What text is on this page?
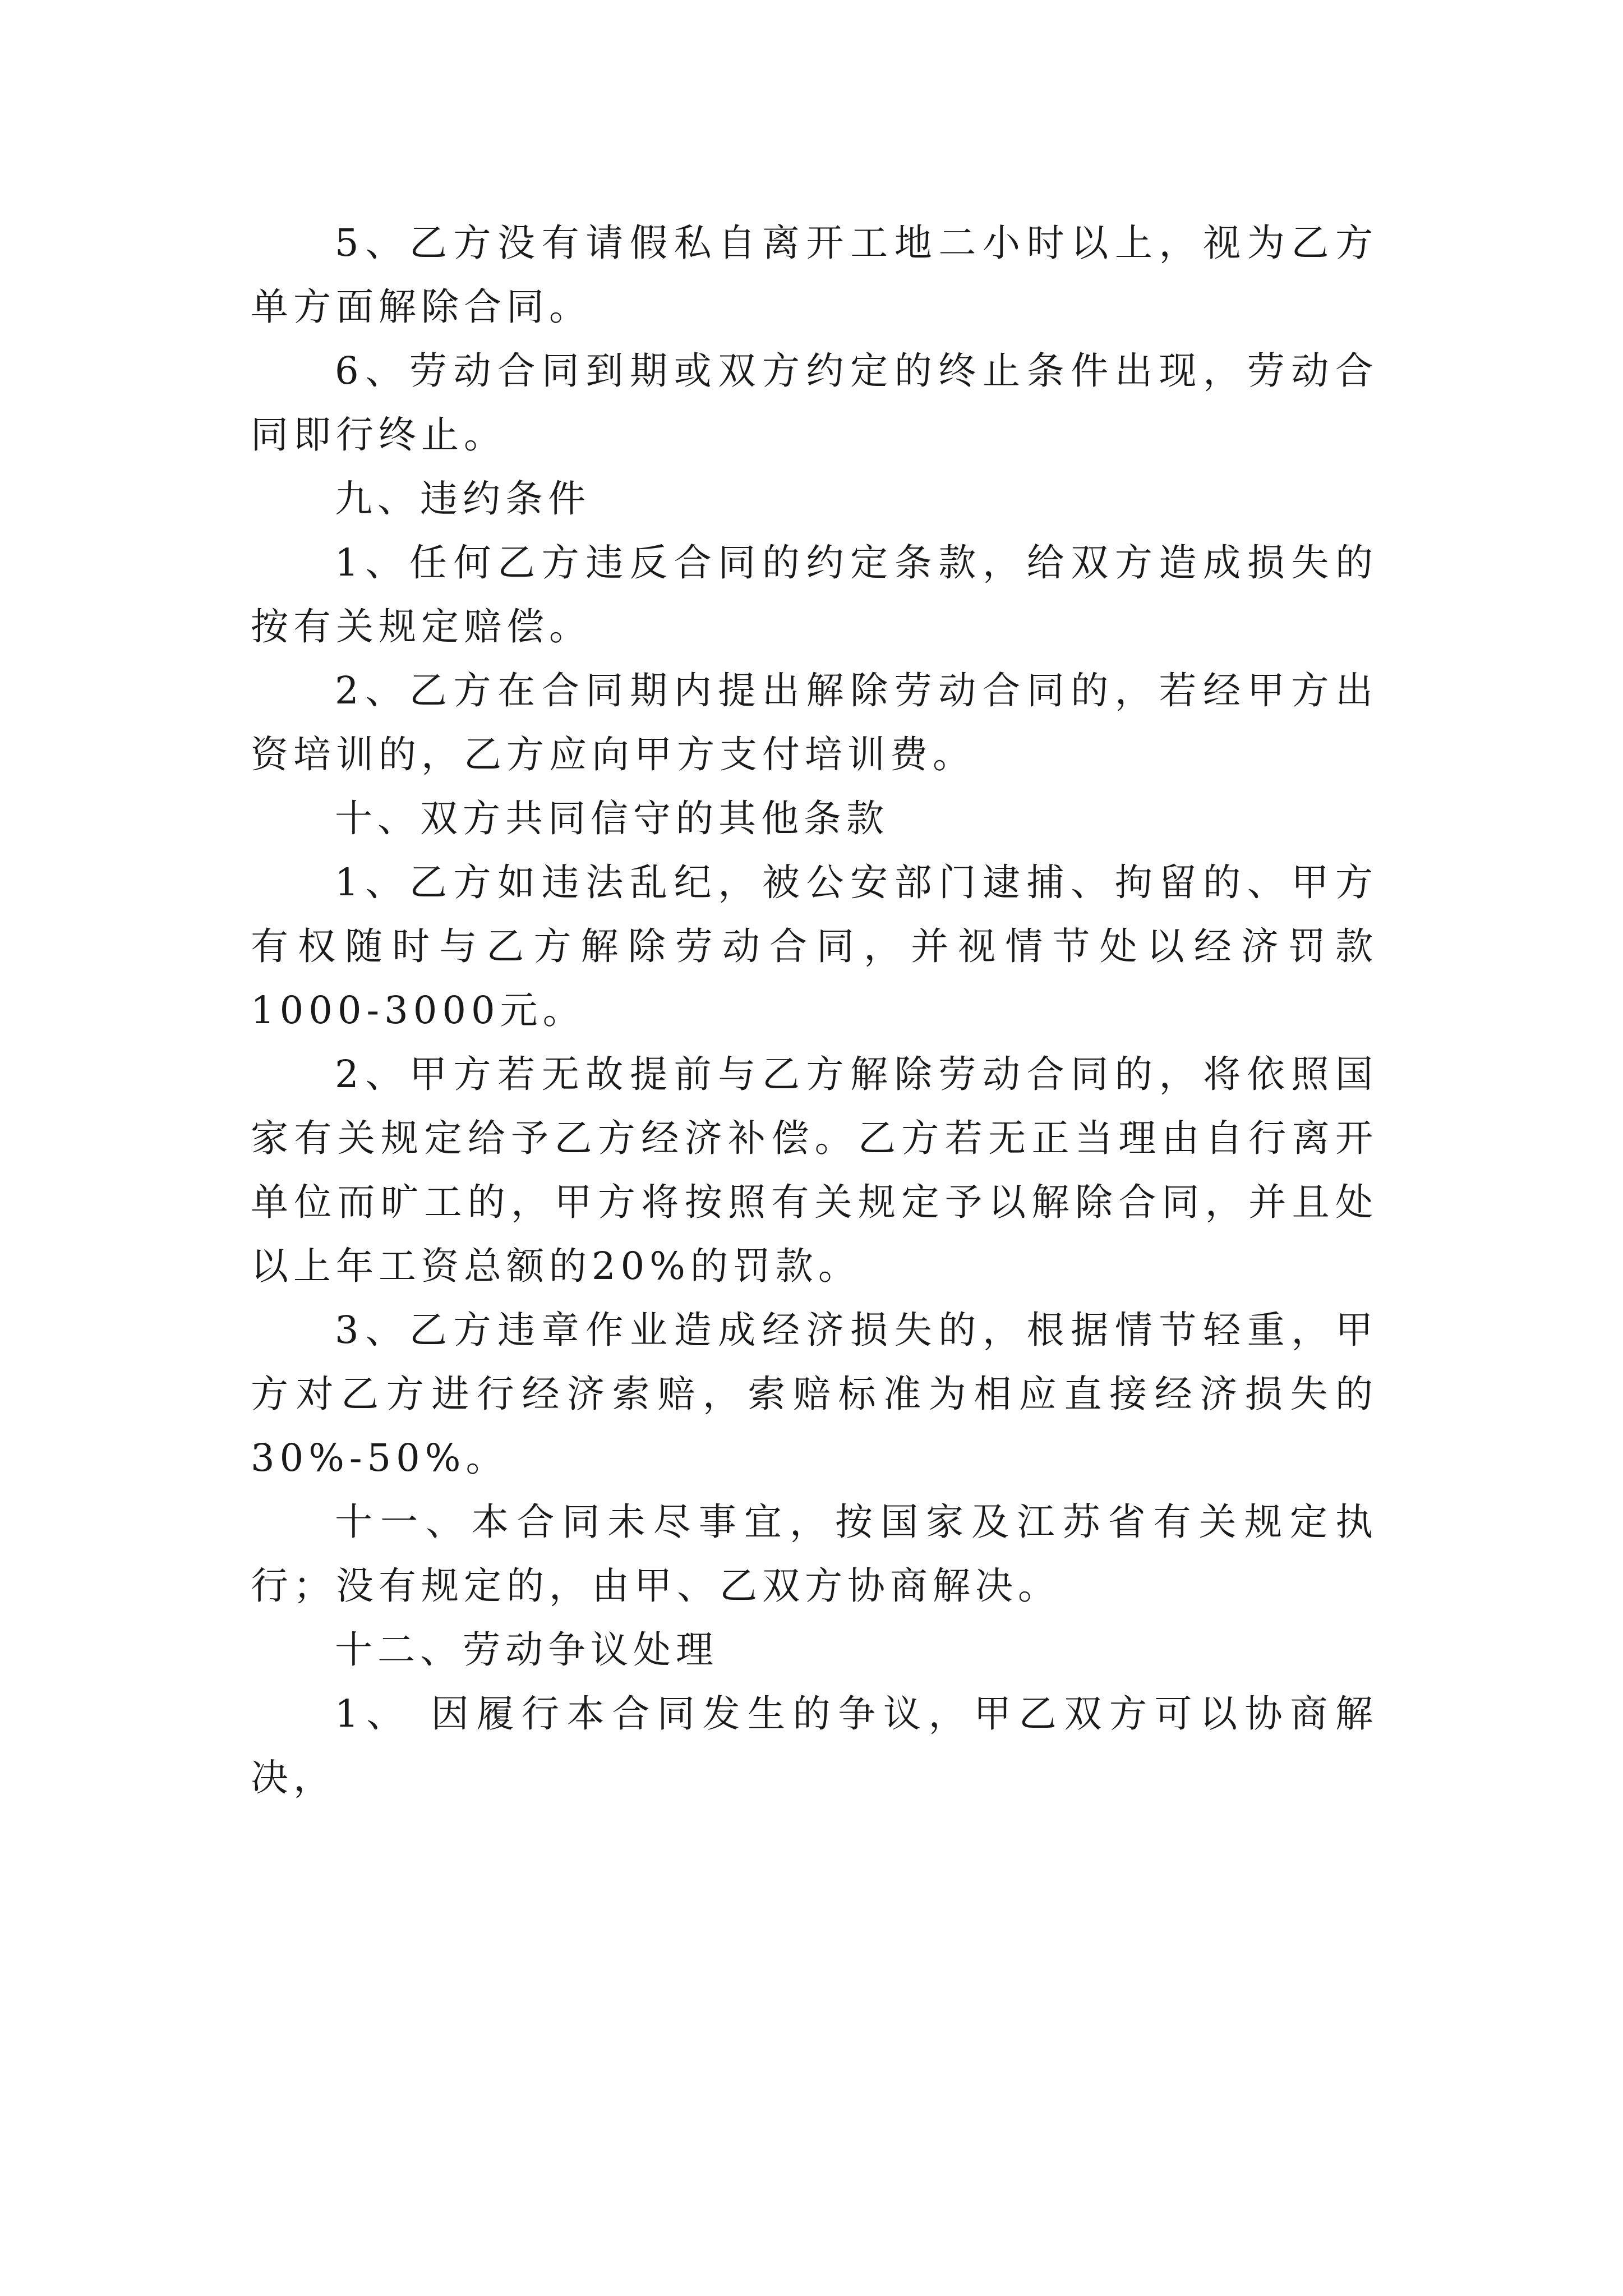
5、乙方没有请假私自离开工地二小时以上，视为乙方单方面解除合同。

6、劳动合同到期或双方约定的终止条件出现，劳动合同即行终止。

九、违约条件

1、任何乙方违反合同的约定条款，给双方造成损失的按有关规定赔偿。

2、乙方在合同期内提出解除劳动合同的，若经甲方出资培训的，乙方应向甲方支付培训费。

十、双方共同信守的其他条款

1、乙方如违法乱纪，被公安部门逮捕、拘留的、甲方有权随时与乙方解除劳动合同，并视情节处以经济罚款1000-3000元。

2、甲方若无故提前与乙方解除劳动合同的，将依照国家有关规定给予乙方经济补偿。乙方若无正当理由自行离开单位而旷工的，甲方将按照有关规定予以解除合同，并且处以上年工资总额的20%的罚款。

3、乙方违章作业造成经济损失的，根据情节轻重，甲方对乙方进行经济索赔，索赔标准为相应直接经济损失的30%-50%。

十一、本合同未尽事宜，按国家及江苏省有关规定执行；没有规定的，由甲、乙双方协商解决。

十二、劳动争议处理

1、 因履行本合同发生的争议，甲乙双方可以协商解决，
